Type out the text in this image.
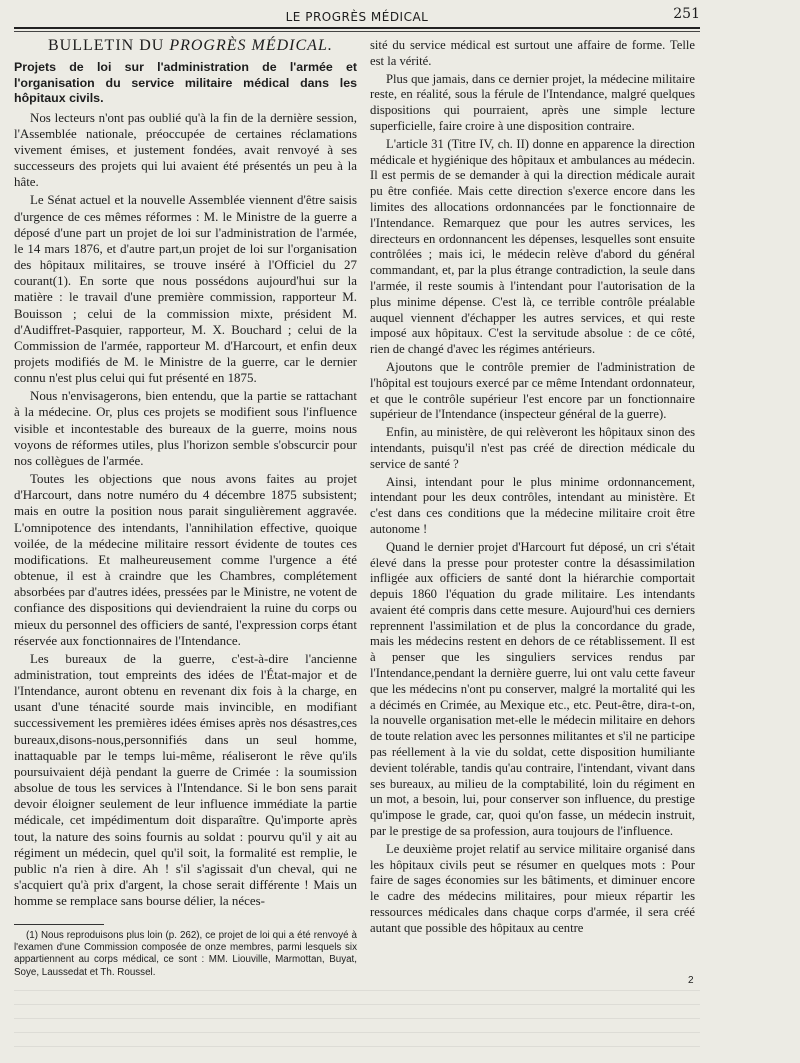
LE PROGRÈS MÉDICAL	251
BULLETIN DU PROGRÈS MÉDICAL.

Projets de loi sur l'administration de l'armée et l'organisation du service militaire médical dans les hôpitaux civils.

Nos lecteurs n'ont pas oublié qu'à la fin de la dernière session, l'Assemblée nationale, préoccupée de certaines réclamations vivement émises, et justement fondées, avait renvoyé à ses successeurs des projets qui lui avaient été présentés un peu à la hâte.

Le Sénat actuel et la nouvelle Assemblée viennent d'être saisis d'urgence de ces mêmes réformes : M. le Ministre de la guerre a déposé d'une part un projet de loi sur l'administration de l'armée, le 14 mars 1876, et d'autre part,un projet de loi sur l'organisation des hôpitaux militaires, se trouve inséré à l'Officiel du 27 courant(1). En sorte que nous possédons aujourd'hui sur la matière : le travail d'une première commission, rapporteur M. Bouisson ; celui de la commission mixte, président M. d'Audiffret-Pasquier, rapporteur, M. X. Bouchard ; celui de la Commission de l'armée, rapporteur M. d'Harcourt, et enfin deux projets modifiés de M. le Ministre de la guerre, car le dernier connu n'est plus celui qui fut présenté en 1875.

Nous n'envisagerons, bien entendu, que la partie se rattachant à la médecine. Or, plus ces projets se modifient sous l'influence visible et incontestable des bureaux de la guerre, moins nous voyons de réformes utiles, plus l'horizon semble s'obscurcir pour nos collègues de l'armée.

Toutes les objections que nous avons faites au projet d'Harcourt, dans notre numéro du 4 décembre 1875 subsistent; mais en outre la position nous parait singulièrement aggravée. L'omnipotence des intendants, l'annihilation effective, quoique voilée, de la médecine militaire ressort évidente de toutes ces modifications. Et malheureusement comme l'urgence a été obtenue, il est à craindre que les Chambres, complétement absorbées par d'autres idées, pressées par le Ministre, ne votent de confiance des dispositions qui deviendraient la ruine du corps ou mieux du personnel des officiers de santé, l'expression corps étant réservée aux fonctionnaires de l'Intendance.

Les bureaux de la guerre, c'est-à-dire l'ancienne administration, tout empreints des idées de l'État-major et de l'Intendance, auront obtenu en revenant dix fois à la charge, en usant d'une ténacité sourde mais invincible, en modifiant successivement les premières idées émises après nos désastres,ces bureaux,disons-nous,personnifiés dans un seul homme, inattaquable par le temps lui-même, réaliseront le rêve qu'ils poursuivaient déjà pendant la guerre de Crimée : la soumission absolue de tous les services à l'Intendance. Si le bon sens parait devoir éloigner seulement de leur influence immédiate la partie médicale, cet impédimentum doit disparaître. Qu'importe après tout, la nature des soins fournis au soldat : pourvu qu'il y ait au régiment un médecin, quel qu'il soit, la formalité est remplie, le public n'a rien à dire. Ah ! s'il s'agissait d'un cheval, qui ne s'acquiert qu'à prix d'argent, la chose serait différente ! Mais un homme se remplace sans bourse délier, la néces-

sité du service médical est surtout une affaire de forme. Telle est la vérité.

Plus que jamais, dans ce dernier projet, la médecine militaire reste, en réalité, sous la férule de l'Intendance, malgré quelques dispositions qui pourraient, après une simple lecture superficielle, faire croire à une disposition contraire.

L'article 31 (Titre IV, ch. II) donne en apparence la direction médicale et hygiénique des hôpitaux et ambulances au médecin. Il est permis de se demander à qui la direction médicale aurait pu être confiée. Mais cette direction s'exerce encore dans les limites des allocations ordonnancées par le fonctionnaire de l'Intendance. Remarquez que pour les autres services, les directeurs en ordonnancent les dépenses, lesquelles sont ensuite contrôlées ; mais ici, le médecin relève d'abord du général commandant, et, par la plus étrange contradiction, la seule dans l'armée, il reste soumis à l'intendant pour l'autorisation de la plus minime dépense. C'est là, ce terrible contrôle préalable auquel viennent d'échapper les autres services, et qui reste imposé aux hôpitaux. C'est la servitude absolue : de ce côté, rien de changé d'avec les régimes antérieurs.

Ajoutons que le contrôle premier de l'administration de l'hôpital est toujours exercé par ce même Intendant ordonnateur, et que le contrôle supérieur l'est encore par un fonctionnaire supérieur de l'Intendance (inspecteur général de la guerre).

Enfin, au ministère, de qui relèveront les hôpitaux sinon des intendants, puisqu'il n'est pas créé de direction médicale du service de santé ?

Ainsi, intendant pour le plus minime ordonnancement, intendant pour les deux contrôles, intendant au ministère. Et c'est dans ces conditions que la médecine militaire croit être autonome !

Quand le dernier projet d'Harcourt fut déposé, un cri s'était élevé dans la presse pour protester contre la désassimilation infligée aux officiers de santé dont la hiérarchie comportait depuis 1860 l'équation du grade militaire. Les intendants avaient été compris dans cette mesure. Aujourd'hui ces derniers reprennent l'assimilation et de plus la concordance du grade, mais les médecins restent en dehors de ce rétablissement. Il est à penser que les singuliers services rendus par l'Intendance,pendant la dernière guerre, lui ont valu cette faveur que les médecins n'ont pu conserver, malgré la mortalité qui les a décimés en Crimée, au Mexique etc., etc. Peut-être, dira-t-on, la nouvelle organisation met-elle le médecin militaire en dehors de toute relation avec les personnes militantes et s'il ne participe pas réellement à la vie du soldat, cette disposition humiliante devient tolérable, tandis qu'au contraire, l'intendant, vivant dans ses bureaux, au milieu de la comptabilité, loin du régiment en un mot, a besoin, lui, pour conserver son influence, du prestige qu'impose le grade, car, quoi qu'on fasse, un médecin instruit, par le prestige de sa profession, aura toujours de l'influence.

Le deuxième projet relatif au service militaire organisé dans les hôpitaux civils peut se résumer en quelques mots : Pour faire de sages économies sur les bâtiments, et diminuer encore le cadre des médecins militaires, pour mieux répartir les ressources médicales dans chaque corps d'armée, il sera créé autant que possible des hôpitaux au centre

(1) Nous reproduisons plus loin (p. 262), ce projet de loi qui a été renvoyé à l'examen d'une Commission composée de onze membres, parmi lesquels six appartiennent au corps médical, ce sont : MM. Liouville, Marmottan, Buyat, Soye, Laussedat et Th. Roussel.
2
